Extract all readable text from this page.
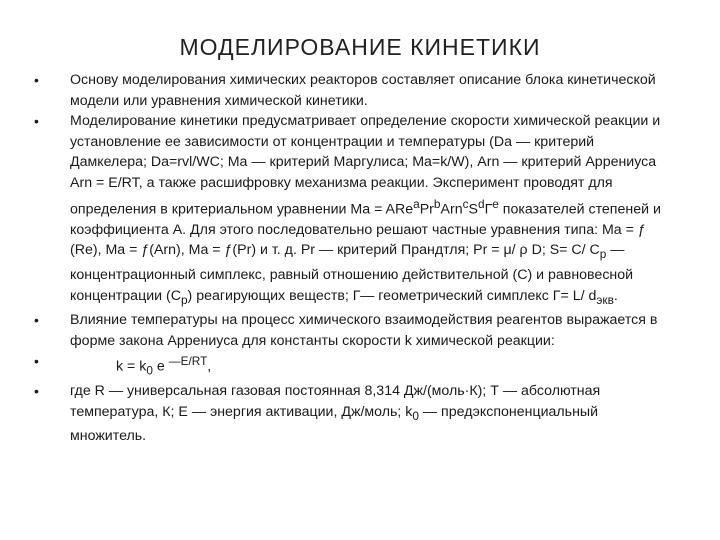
МОДЕЛИРОВАНИЕ КИНЕТИКИ
• Основу моделирования химических реакторов составляет описание блока кинетической модели или уравнения химической кинетики.
• Моделирование кинетики предусматривает определение скорости химической реакции и установление ее зависимости от концентрации и температуры (Da — критерий Дамкелера; Da=rvl/WC; Ma — критерий Маргулиса; Ma=k/W), Arn — критерий Аррениуса Arn = E/RT, а также расшифровку механизма реакции. Эксперимент проводят для определения в критериальном уравнении $Ma = ARe^aPr^bArn^cS^dГ^e$ показателей степеней и коэффициента А. Для этого последовательно решают частные уравнения типа: Ma = ƒ (Re), Ma = ƒ(Arn), Ma = ƒ(Pr) и т. д. Pr — критерий Прандтля; Pr = μ/ ρ D; S= C/ $C_p$ — концентрационный симплекс, равный отношению действительной (С) и равновесной концентрации $(С_р)$ реагирующих веществ; Г— геометрический симплекс Г= L/ $d_{экв}$.
• Влияние температуры на процесс химического взаимодействия реагентов выражается в форме закона Аррениуса для константы скорости k химической реакции:
• $k = k_0$ e $^{—E/RT}$,
• где R — универсальная газовая постоянная 8,314 Дж/(моль·К); Т — абсолютная температура, К; Е — энергия активации, Дж/моль; $k_0$ — предэкспоненциальный множитель.
